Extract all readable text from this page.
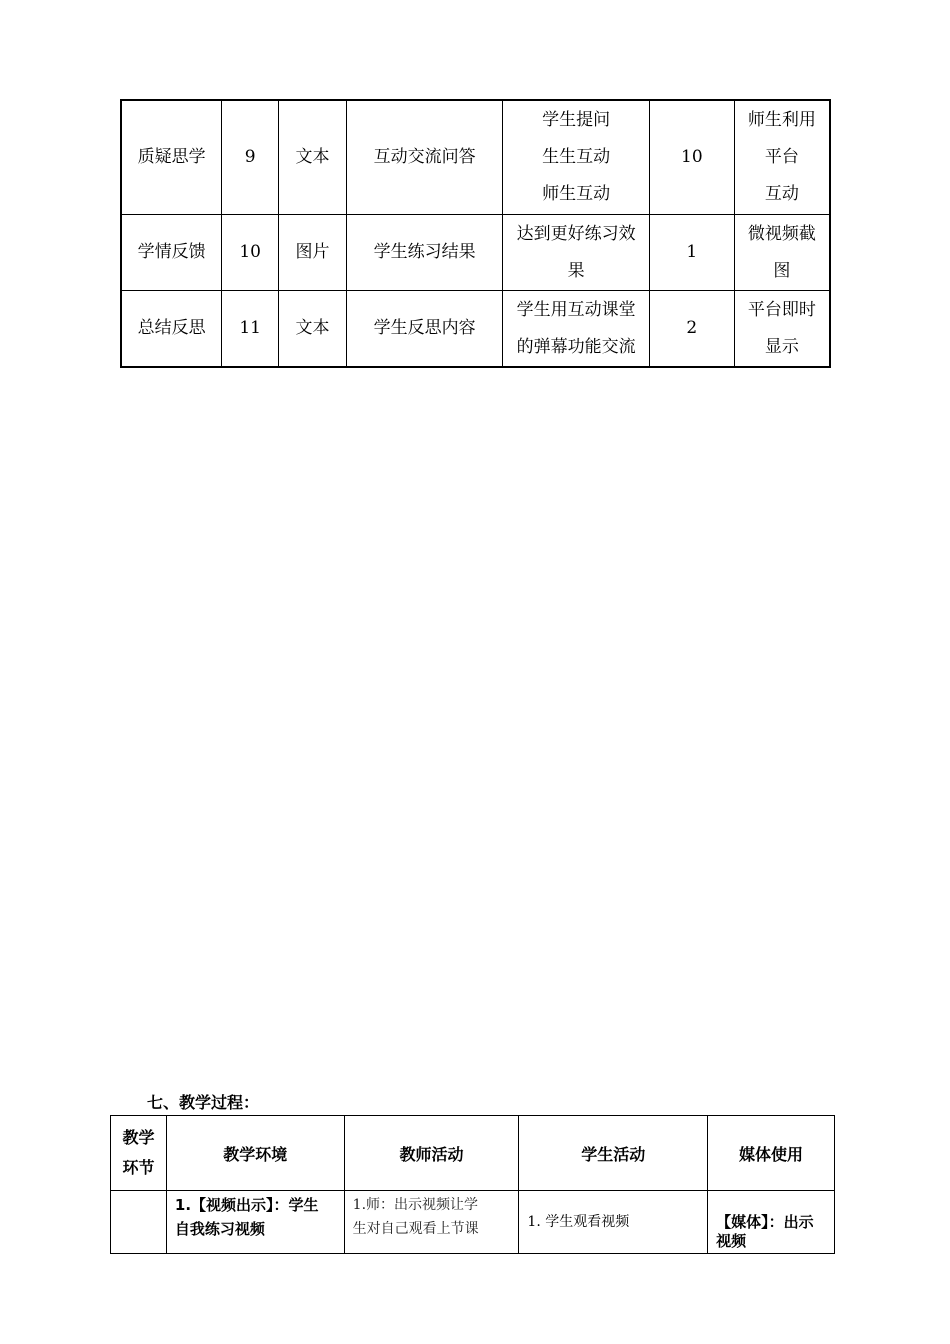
质疑思学	9	文本	互动交流问答	学生提问
生生互动
师生互动	10	师生利用
平台
互动

学情反馈	10	图片	学生练习结果	达到更好练习效
果	1	微视频截
图

总结反思	11	文本	学生反思内容	学生用互动课堂
的弹幕功能交流	2	平台即时
显示
七、教学过程：
教学
环节	教学环境	教师活动	学生活动	媒体使用

	1.【视频出示】：学生
自我练习视频	1.师：出示视频让学
生对自己观看上节课	1. 学生观看视频	【媒体】：出示
视频
